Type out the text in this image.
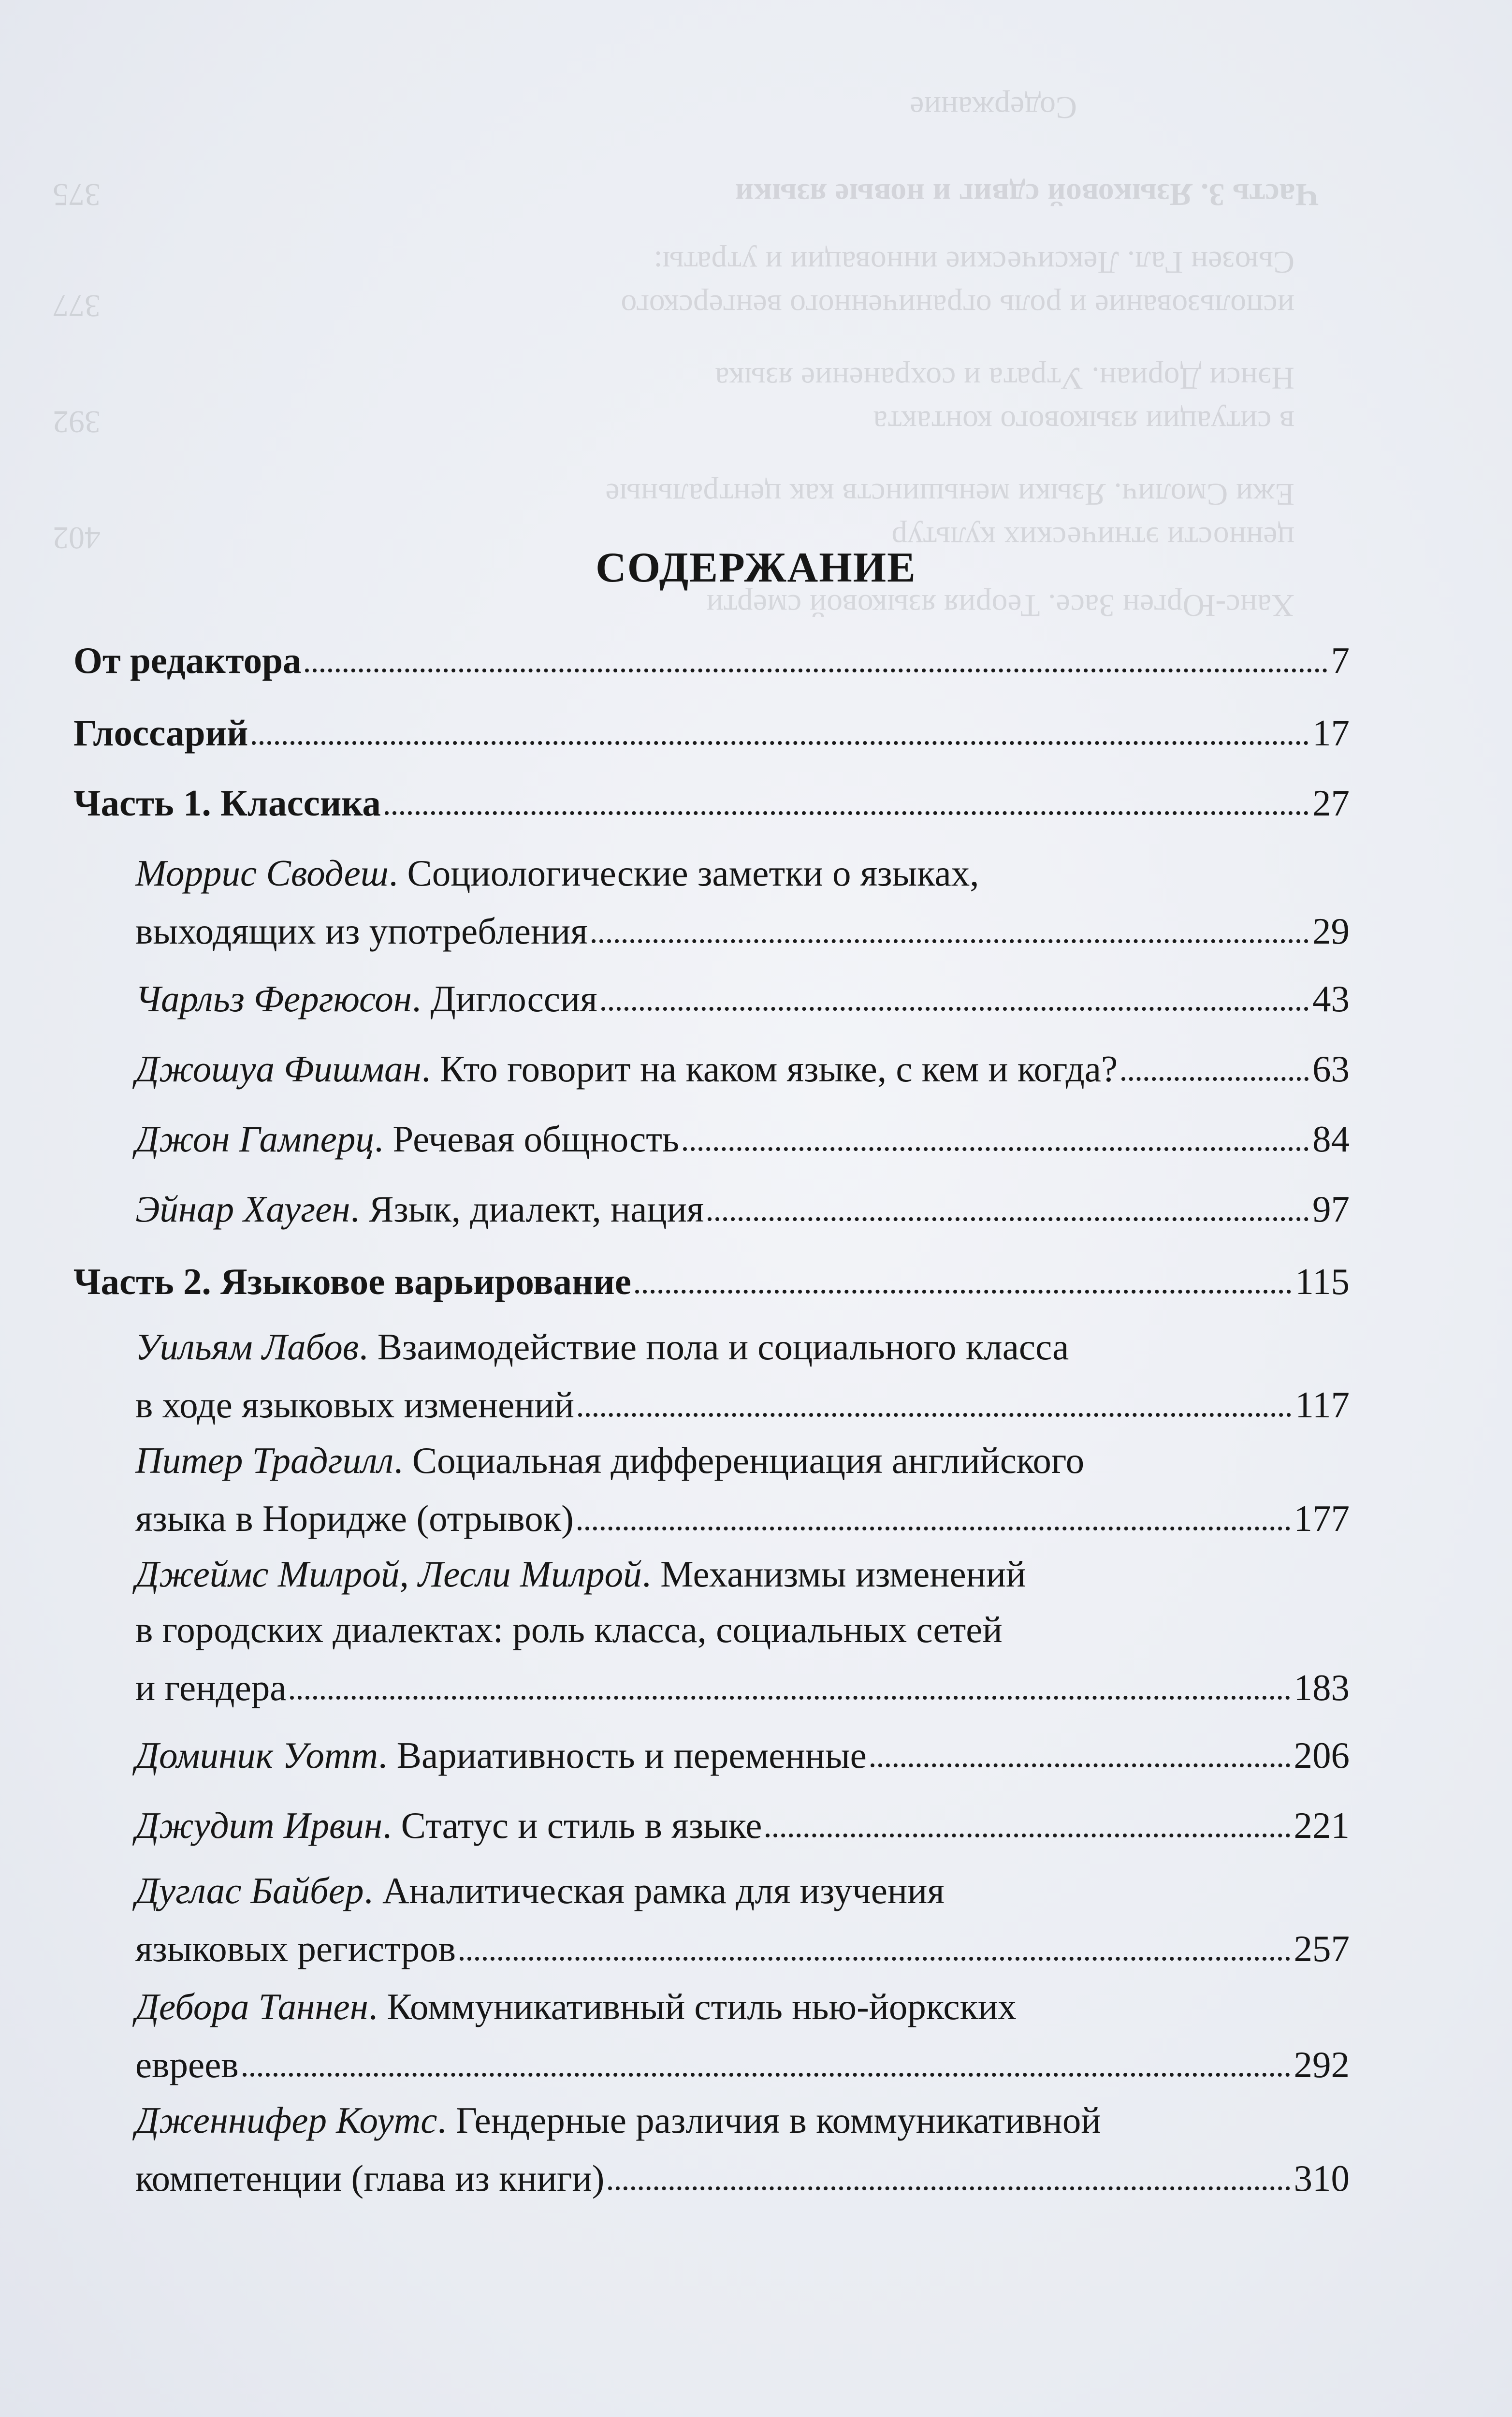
СОДЕРЖАНИЕ
От редактора	7
Глоссарий	17
Часть 1. Классика	27
Моррис Сводеш . Социологические заметки о языках,
выходящих из употребления	29
Чарльз Фергюсон. Диглоссия	43
Джошуа Фишман. Кто говорит на каком языке, с кем и когда?	63
Джон Гамперц. Речевая общность	84
Эйнар Хауген. Язык, диалект, нация	97
Часть 2. Языковое варьирование	115
Уильям Лабов . Взаимодействие пола и социального класса
в ходе языковых изменений	117
Питер Традгилл . Социальная дифференциация английского
языка в Норидже (отрывок)	177
Джеймс Милрой, Лесли Милрой . Механизмы изменений
в городских диалектах: роль класса, социальных сетей
и гендера	183
Доминик Уотт. Вариативность и переменные	206
Джудит Ирвин. Статус и стиль в языке	221
Дуглас Байбер . Аналитическая рамка для изучения
языковых регистров	257
Дебора Таннен . Коммуникативный стиль нью-йоркских
евреев	292
Дженнифер Коутс . Гендерные различия в коммуникативной
компетенции (глава из книги)	310
